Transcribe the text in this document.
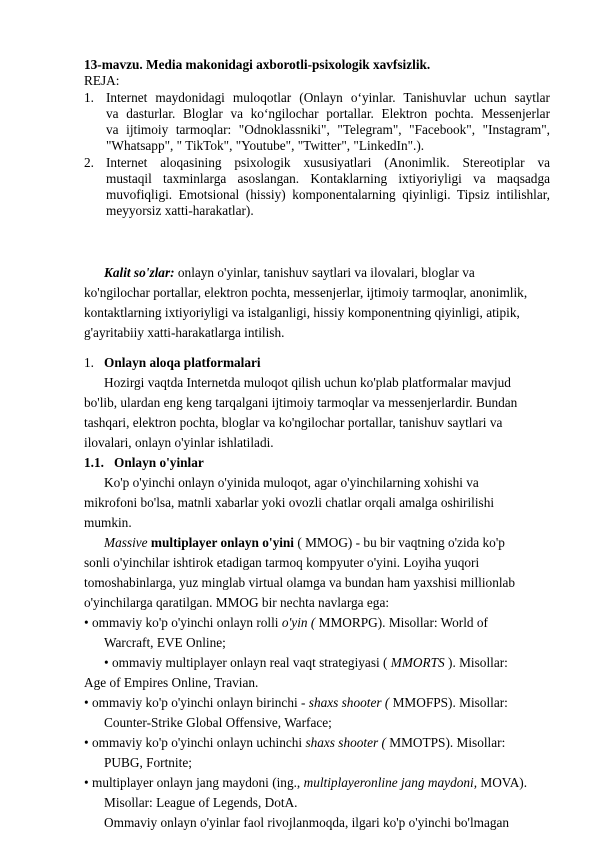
13-mavzu. Media makonidagi axborotli-psixologik xavfsizlik.
REJA:
1. Internet maydonidagi muloqotlar (Onlayn o‘yinlar. Tanishuvlar uchun saytlar
va dasturlar. Bloglar va ko‘ngilochar portallar. Elektron pochta. Messenjerlar
va ijtimoiy tarmoqlar: "Odnoklassniki", "Telegram", "Facebook", "Instagram",
"Whatsapp", " TikTok", "Youtube", "Twitter", "LinkedIn".).
2. Internet aloqasining psixologik xususiyatlari (Anonimlik. Stereotiplar va
mustaqil taxminlarga asoslangan. Kontaklarning ixtiyoriyligi va maqsadga
muvofiqligi. Emotsional (hissiy) komponentalarning qiyinligi. Tipsiz intilishlar,
meyyorsiz xatti-harakatlar).
Kalit so'zlar: onlayn o'yinlar, tanishuv saytlari va ilovalari, bloglar va
ko'ngilochar portallar, elektron pochta, messenjerlar, ijtimoiy tarmoqlar, anonimlik,
kontaktlarning ixtiyoriyligi va istalganligi, hissiy komponentning qiyinligi, atipik,
g'ayritabiiy xatti-harakatlarga intilish.
1. Onlayn aloqa platformalari
Hozirgi vaqtda Internetda muloqot qilish uchun ko'plab platformalar mavjud
bo'lib, ulardan eng keng tarqalgani ijtimoiy tarmoqlar va messenjerlardir. Bundan
tashqari, elektron pochta, bloglar va ko'ngilochar portallar, tanishuv saytlari va
ilovalari, onlayn o'yinlar ishlatiladi.
1.1. Onlayn o'yinlar
Ko'p o'yinchi onlayn o'yinida muloqot, agar o'yinchilarning xohishi va
mikrofoni bo'lsa, matnli xabarlar yoki ovozli chatlar orqali amalga oshirilishi
mumkin.
Massive multiplayer onlayn o'yini ( MMOG) - bu bir vaqtning o'zida ko'p
sonli o'yinchilar ishtirok etadigan tarmoq kompyuter o'yini. Loyiha yuqori
tomoshabinlarga, yuz minglab virtual olamga va bundan ham yaxshisi millionlab
o'yinchilarga qaratilgan. MMOG bir nechta navlarga ega:
• ommaviy ko'p o'yinchi onlayn rolli o'yin ( MMORPG). Misollar: World of
Warcraft, EVE Online;
• ommaviy multiplayer onlayn real vaqt strategiyasi ( MMORTS ). Misollar:
Age of Empires Online, Travian.
• ommaviy ko'p o'yinchi onlayn birinchi - shaxs shooter ( MMOFPS). Misollar:
Counter-Strike Global Offensive, Warface;
• ommaviy ko'p o'yinchi onlayn uchinchi shaxs shooter ( MMOTPS). Misollar:
PUBG, Fortnite;
• multiplayer onlayn jang maydoni (ing., multiplayeronline jang maydoni, MOVA).
Misollar: League of Legends, DotA.
Ommaviy onlayn o'yinlar faol rivojlanmoqda, ilgari ko'p o'yinchi bo'lmagan
